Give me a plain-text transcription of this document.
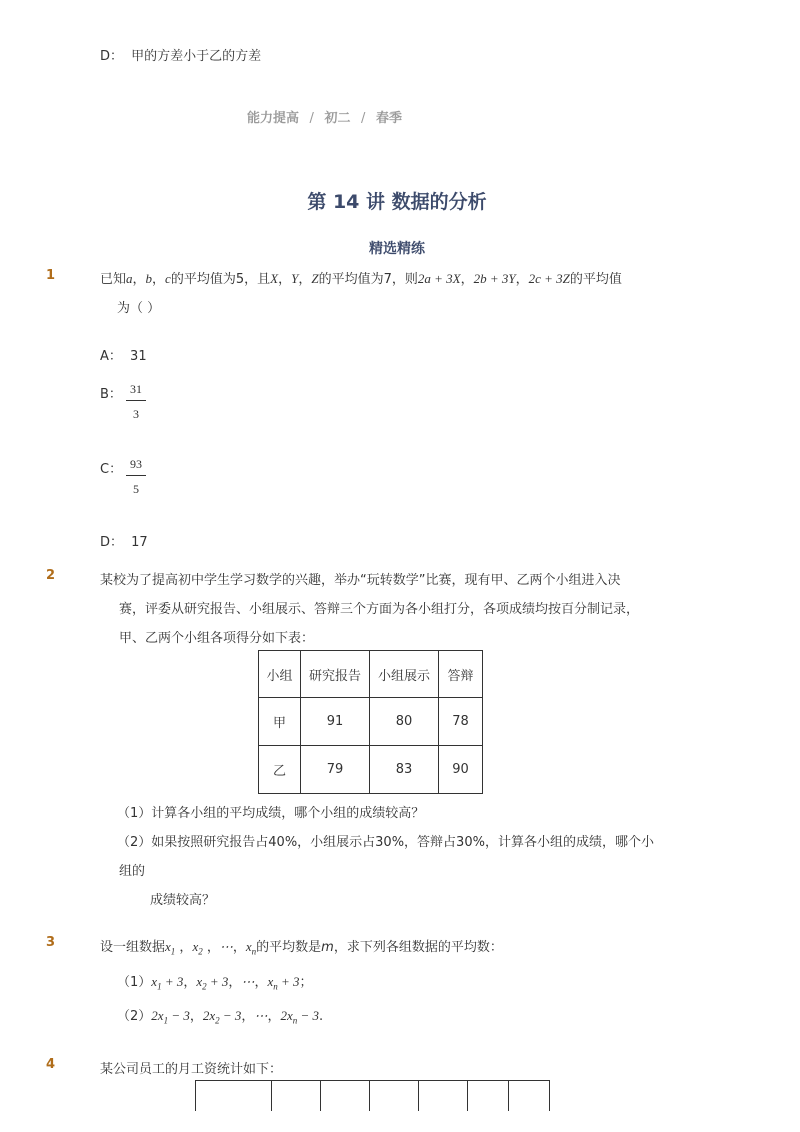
D： 甲的方差小于乙的方差
能力提高 / 初二 / 春季
第 14 讲 数据的分析
精选精练
1	已知a，b，c的平均值为5，且X，Y，Z的平均值为7，则2a + 3X，2b + 3Y，2c + 3Z的平均值
为（ ）
A： 31
B： 31
3
C： 93
5
D： 17
2	某校为了提高初中学生学习数学的兴趣，举办“玩转数学”比赛，现有甲、乙两个小组进入决
赛，评委从研究报告、小组展示、答辩三个方面为各小组打分，各项成绩均按百分制记录，
甲、乙两个小组各项得分如下表：
小组	研究报告	小组展示	答辩
甲	91	80	78
乙	79	83	90
（1）计算各小组的平均成绩，哪个小组的成绩较高？
（2）如果按照研究报告占40%，小组展示占30%，答辩占30%，计算各小组的成绩，哪个小
组的
成绩较高？
3	设一组数据$x_1$ ，$x_2$ ，⋯，$x_n$的平均数是m，求下列各组数据的平均数：
$(1)x_1 + 3$，$x_2 + 3$，⋯，$x_n + 3$；
$(2)2x_1 - 3$，$2x_2 - 3$，⋯，$2x_n - 3$.
4	某公司员工的月工资统计如下：
